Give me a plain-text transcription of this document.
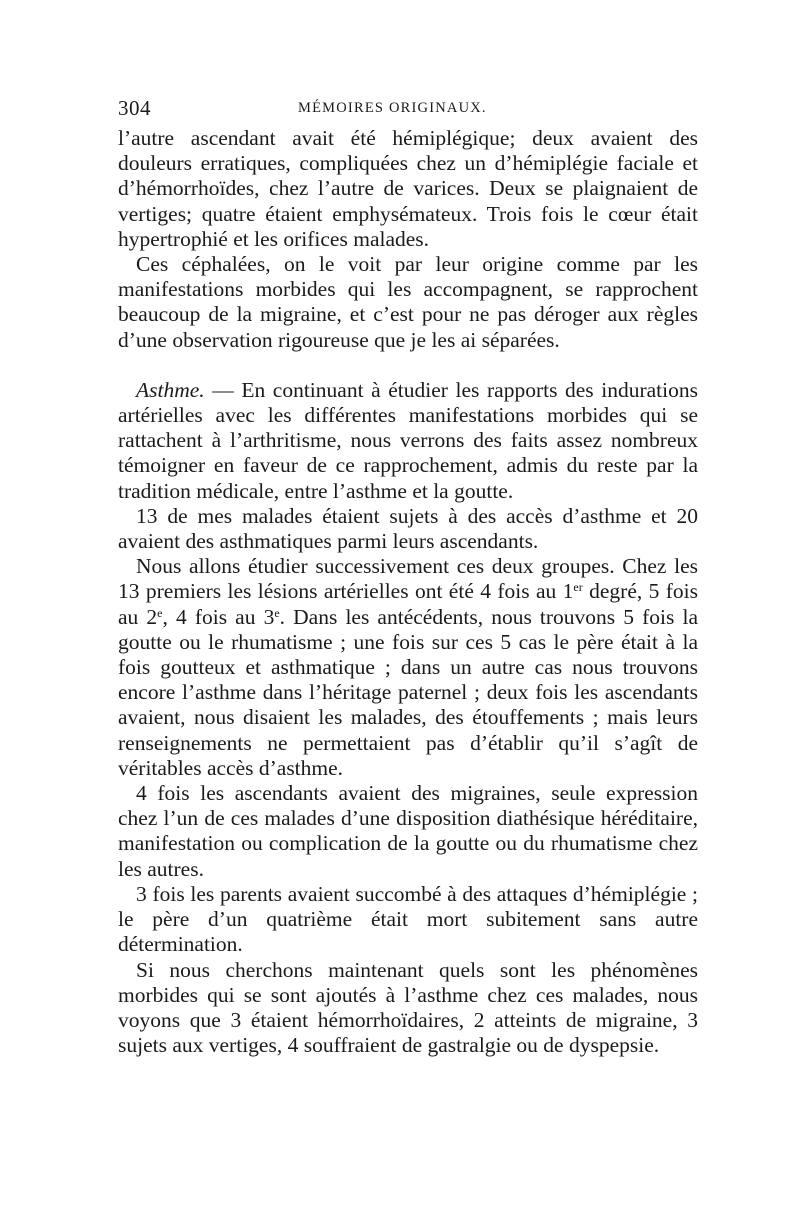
304	MÉMOIRES ORIGINAUX.

l’autre ascendant avait été hémiplégique; deux avaient des douleurs erratiques, compliquées chez un d’hémiplégie faciale et d’hémorrhoïdes, chez l’autre de varices. Deux se plaignaient de vertiges; quatre étaient emphysémateux. Trois fois le cœur était hypertrophié et les orifices malades.

Ces céphalées, on le voit par leur origine comme par les manifestations morbides qui les accompagnent, se rapprochent beaucoup de la migraine, et c’est pour ne pas déroger aux règles d’une observation rigoureuse que je les ai séparées.

Asthme. — En continuant à étudier les rapports des indurations artérielles avec les différentes manifestations morbides qui se rattachent à l’arthritisme, nous verrons des faits assez nombreux témoigner en faveur de ce rapprochement, admis du reste par la tradition médicale, entre l’asthme et la goutte.

13 de mes malades étaient sujets à des accès d’asthme et 20 avaient des asthmatiques parmi leurs ascendants.

Nous allons étudier successivement ces deux groupes. Chez les 13 premiers les lésions artérielles ont été 4 fois au 1er degré, 5 fois au 2e, 4 fois au 3e. Dans les antécédents, nous trouvons 5 fois la goutte ou le rhumatisme ; une fois sur ces 5 cas le père était à la fois goutteux et asthmatique ; dans un autre cas nous trouvons encore l’asthme dans l’héritage paternel ; deux fois les ascendants avaient, nous disaient les malades, des étouffements ; mais leurs renseignements ne permettaient pas d’établir qu’il s’agît de véritables accès d’asthme.

4 fois les ascendants avaient des migraines, seule expression chez l’un de ces malades d’une disposition diathésique héréditaire, manifestation ou complication de la goutte ou du rhumatisme chez les autres.

3 fois les parents avaient succombé à des attaques d’hémiplégie ; le père d’un quatrième était mort subitement sans autre détermination.

Si nous cherchons maintenant quels sont les phénomènes morbides qui se sont ajoutés à l’asthme chez ces malades, nous voyons que 3 étaient hémorrhoïdaires, 2 atteints de migraine, 3 sujets aux vertiges, 4 souffraient de gastralgie ou de dyspepsie.
